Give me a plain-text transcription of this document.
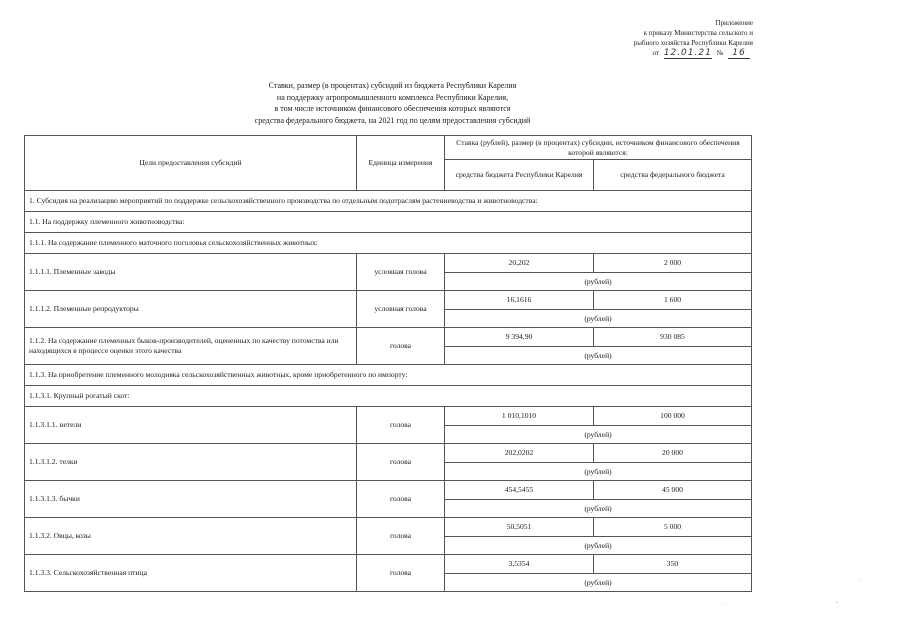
Приложение
к приказу Министерства сельского и
рыбного хозяйства Республики Карелия
от 12.01.21 № 16
Ставки, размер (в процентах) субсидий из бюджета Республики Карелия
на поддержку агропромышленного комплекса Республики Карелия,
в том числе источником финансового обеспечения которых являются
средства федерального бюджета, на 2021 год по целям предоставления субсидий
Цели предоставления субсидий	Единица измерения	Ставка (рублей), размер (в процентах) субсидии, источником финансового обеспечения которой являются:	
		средства бюджета Республики Карелия	средства федерального бюджета
1. Субсидия на реализацию мероприятий по поддержке сельскохозяйственного производства по отдельным подотраслям растениеводства и животноводства:			
1.1. На поддержку племенного животноводства:			
1.1.1. На содержание племенного маточного поголовья сельскохозяйственных животных:			
1.1.1.1. Племенные заводы	условная голова	20,202	2 000
		(рублей)	
1.1.1.2. Племенные репродукторы	условная голова	16,1616	1 600
		(рублей)	
1.1.2. На содержание племенных быков-производителей, оцененных по качеству потомства или находящихся в процессе оценки этого качества	голова	9 394,90	930 085
		(рублей)	
1.1.3. На приобретение племенного молодняка сельскохозяйственных животных, кроме приобретенного по импорту:			
1.1.3.1. Крупный рогатый скот:			
1.1.3.1.1. нетели	голова	1 010,1010	100 000
		(рублей)	
1.1.3.1.2. телки	голова	202,0202	20 000
		(рублей)	
1.1.3.1.3. бычки	голова	454,5455	45 000
		(рублей)	
1.1.3.2. Овцы, козы	голова	50,5051	5 000
		(рублей)	
1.1.3.3. Сельскохозяйственная птица	голова	3,5354	350
		(рублей)		·
-
.
